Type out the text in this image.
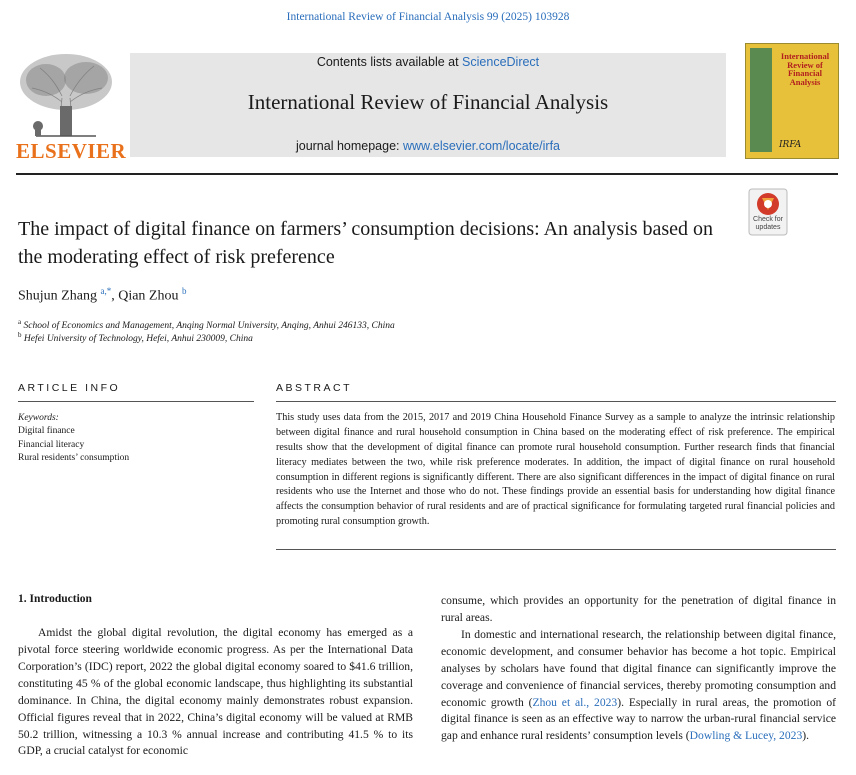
International Review of Financial Analysis 99 (2025) 103928
ELSEVIER
Contents lists available at ScienceDirect
International Review of Financial Analysis
journal homepage: www.elsevier.com/locate/irfa
International Review of Financial Analysis
IRFA
Check for updates
The impact of digital finance on farmers’ consumption decisions: An analysis based on the moderating effect of risk preference
Shujun Zhang $^{a,*}$, Qian Zhou $^b$
$^a$ School of Economics and Management, Anqing Normal University, Anqing, Anhui 246133, China
$^b$ Hefei University of Technology, Hefei, Anhui 230009, China
ARTICLE INFO	ABSTRACT
Keywords:
Digital finance
Financial literacy
Rural residents’ consumption
This study uses data from the 2015, 2017 and 2019 China Household Finance Survey as a sample to analyze the intrinsic relationship between digital finance and rural household consumption in China based on the moderating effect of risk preference. The empirical results show that the development of digital finance can promote rural household consumption. Further research finds that financial literacy mediates between the two, while risk preference moderates. In addition, the impact of digital finance on rural household consumption in different regions is significantly different. There are also significant differences in the impact of digital finance on rural residents who use the Internet and those who do not. These findings provide an essential basis for understanding how digital finance affects the consumption behavior of rural residents and are of practical significance for formulating targeted rural financial policies and promoting rural consumption growth.
1. Introduction

Amidst the global digital revolution, the digital economy has emerged as a pivotal force steering worldwide economic progress. As per the International Data Corporation’s (IDC) report, 2022 the global digital economy soared to $41.6 trillion, constituting 45 % of the global economic landscape, thus highlighting its substantial dominance. In China, the digital economy mainly demonstrates robust expansion. Official figures reveal that in 2022, China’s digital economy will be valued at RMB 50.2 trillion, witnessing a 10.3 % annual increase and contributing 41.5 % to its GDP, a crucial catalyst for economic

consume, which provides an opportunity for the penetration of digital finance in rural areas.

In domestic and international research, the relationship between digital finance, economic development, and consumer behavior has become a hot topic. Empirical analyses by scholars have found that digital finance can significantly improve the coverage and convenience of financial services, thereby promoting consumption and economic growth (Zhou et al., 2023). Especially in rural areas, the promotion of digital finance is seen as an effective way to narrow the urban-rural financial service gap and enhance rural residents’ consumption levels (Dowling & Lucey, 2023).
